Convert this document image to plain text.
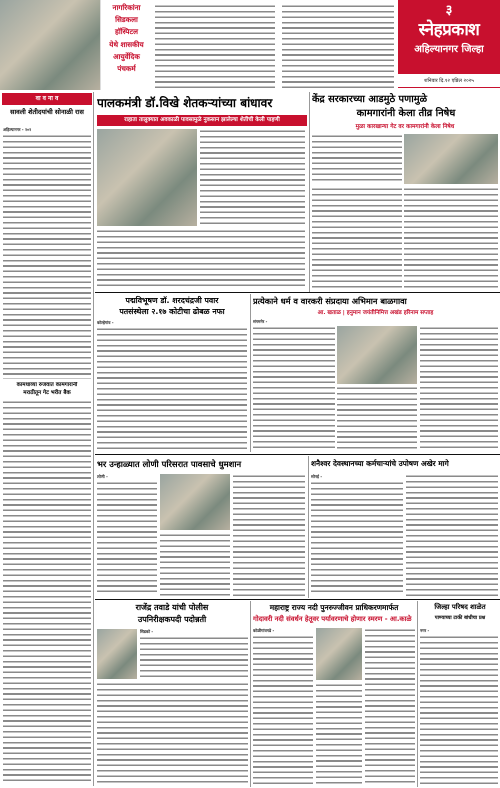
नागरिकांना
सिडकला
हॉस्पिटल
येथे शासकीय
आयुर्वेदिक
पंचकर्म
३
स्नेहप्रकाश
अहिल्यानगर जिल्हा
शनिवार दि.१२ एप्रिल २०२५
वा व ना व
सावली शेतीदयांची सोनाळी रास
अहिल्यानगर - २०२
कामधाव्या रुजवात कामगारांनी
मराठीतून गेट भरीत बैक
पालकमंत्री डॉ.विखे शेतकऱ्यांच्या बांधावर
राहाता तालुक्यात अवकाळी पावसामुळे नुकसान झालेल्या शेतीची केली पाहणी
केंद्र सरकारच्या आडमुठे पणामुळे
कामगारांनी केला तीव्र निषेध
मुळा कारखान्या गेट वर कामगारांनी केला निषेध
पद्मविभूषण डॉ. शरदचंद्रजी पवार
पतसंस्थेला २.१७ कोटीचा ढोबळ नफा
कोल्हेगांव -
प्रत्येकाने धर्म व वारकरी संप्रदाया अभिमान बाळगावा
आ. खताळ | हनुमान जयंतीनिमित्त अखंड हरिनाम सप्ताह
संगमनेर -
भर उन्हाळ्यात लोणी परिसरात पावसाचे धुमशान
लोणी -
शनैश्वर देवस्थानच्या कर्मचाऱ्यांचे उपोषण अखेर मागे
सोनई -
राजेंद्र तवाडे यांची पोलीस
उपनिरीक्षकपदी पदोन्नती
सिडको -
महाराष्ट्र राज्य नदी पुनरुज्जीवन प्राधिकरणमार्फत
गोदावरी नदी संवर्धन हेतूवर पर्यावरणाचे होणार स्मरण - आ.काळे
कोळीगांवगडे -
जिल्हा परिषद शाळेत
पाण्याच्या टाकी बांधीचा प्रश्न
नगर -
